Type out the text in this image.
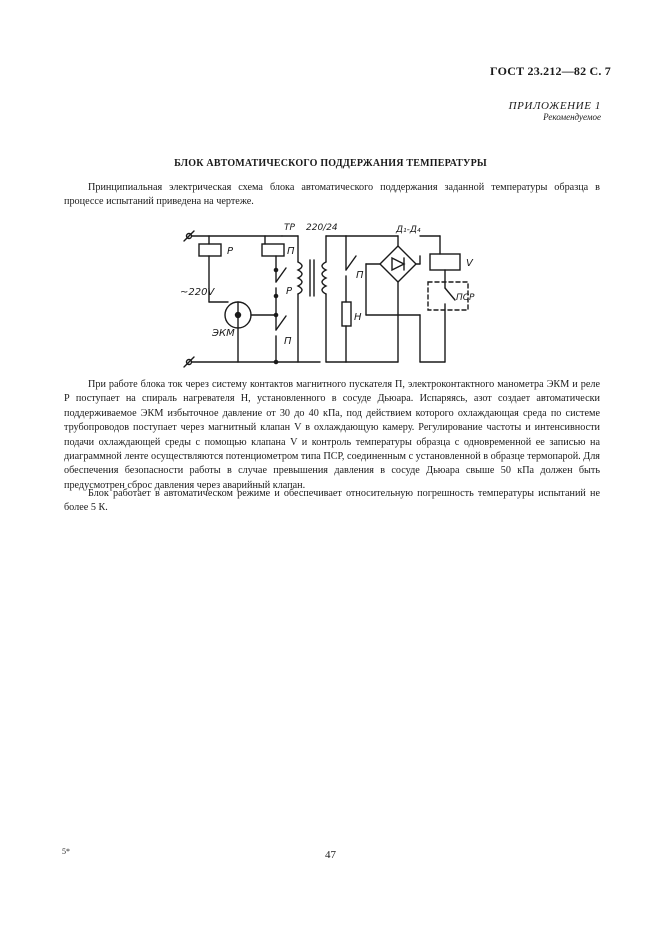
ГОСТ 23.212—82 С. 7
ПРИЛОЖЕНИЕ 1
Рекомендуемое
БЛОК АВТОМАТИЧЕСКОГО ПОДДЕРЖАНИЯ ТЕМПЕРАТУРЫ

Принципиальная электрическая схема блока автоматического поддержания заданной температуры образца в процессе испытаний приведена на чертеже.

Р	П
Р
П
П
ТР 220/24
~220V
ЭКМ
Н
Д₁-Д₄
V
ПСР

При работе блока ток через систему контактов магнитного пускателя П, электроконтактного манометра ЭКМ и реле Р поступает на спираль нагревателя Н, установленного в сосуде Дьюара. Испаряясь, азот создает автоматически поддерживаемое ЭКМ избыточное давление от 30 до 40 кПа, под действием которого охлаждающая среда по системе трубопроводов поступает через магнитный клапан V в охлаждающую камеру. Регулирование частоты и интенсивности подачи охлаждающей среды с помощью клапана V и контроль температуры образца с одновременной ее записью на диаграммной ленте осуществляются потенциометром типа ПСР, соединенным с установленной в образце термопарой. Для обеспечения безопасности работы в случае превышения давления в сосуде Дьюара свыше 50 кПа должен быть предусмотрен сброс давления через аварийный клапан.

Блок работает в автоматическом режиме и обеспечивает относительную погрешность температуры испытаний не более 5 К.

5*	47
